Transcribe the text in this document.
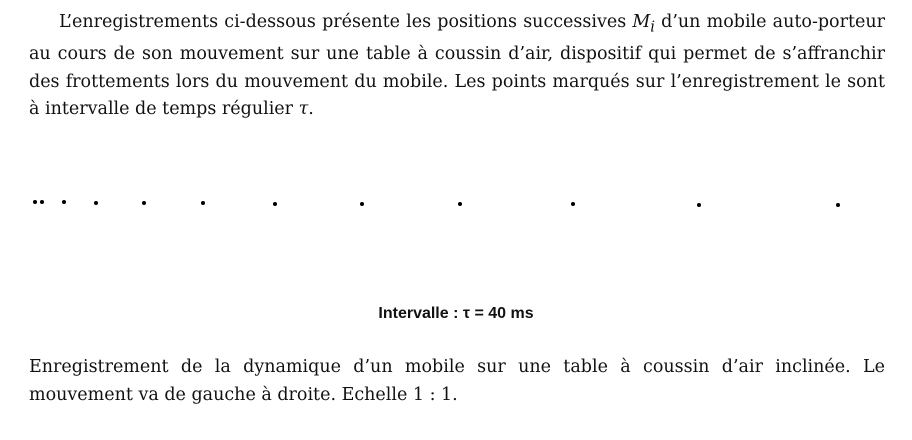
L’enregistrements ci-dessous présente les positions successives $M_i$ d’un mobile auto-porteur au cours de son mouvement sur une table à coussin d’air, dispositif qui permet de s’affranchir des frottements lors du mouvement du mobile. Les points marqués sur l’enregistrement le sont à intervalle de temps régulier τ.

Intervalle : τ = 40 ms

Enregistrement de la dynamique d’un mobile sur une table à coussin d’air inclinée. Le mouvement va de gauche à droite. Echelle 1 : 1.
